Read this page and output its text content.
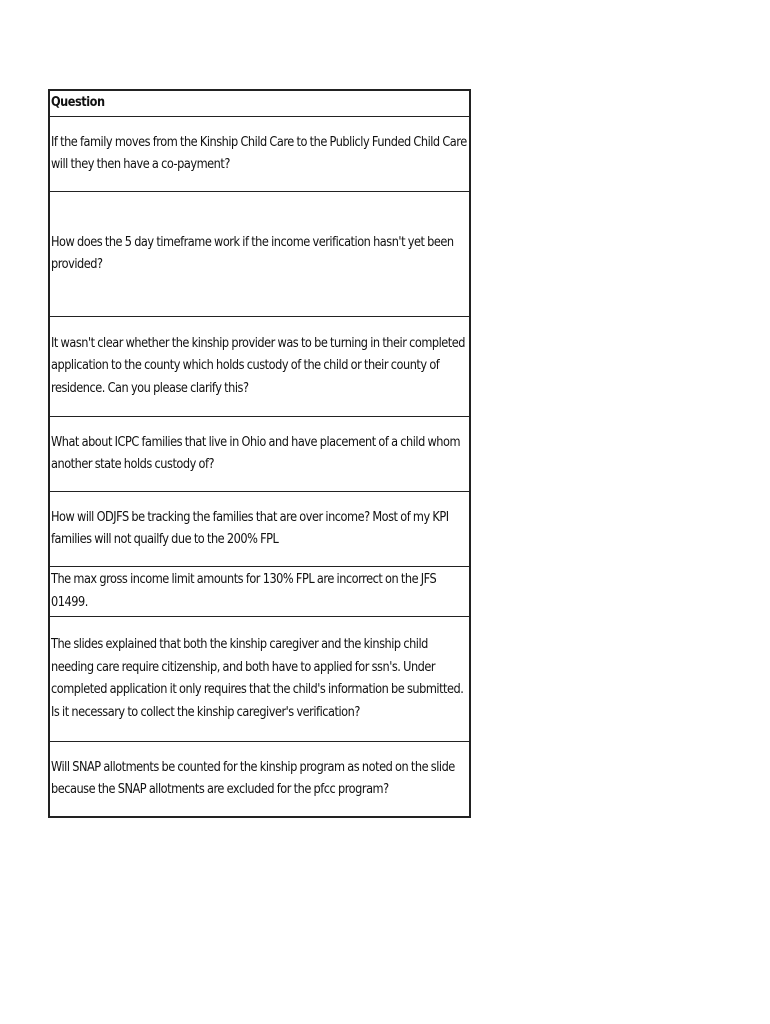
Question

If the family moves from the Kinship Child Care to the Publicly Funded Child Care will they then have a co-payment?

How does the 5 day timeframe work if the income verification hasn't yet been provided?

It wasn't clear whether the kinship provider was to be turning in their completed application to the county which holds custody of the child or their county of residence. Can you please clarify this?

What about ICPC families that live in Ohio and have placement of a child whom another state holds custody of?

How will ODJFS be tracking the families that are over income? Most of my KPI families will not quailfy due to the 200% FPL

The max gross income limit amounts for 130% FPL are incorrect on the JFS 01499.

The slides explained that both the kinship caregiver and the kinship child needing care require citizenship, and both have to applied for ssn's. Under completed application it only requires that the child's information be submitted. Is it necessary to collect the kinship caregiver's verification?

Will SNAP allotments be counted for the kinship program as noted on the slide because the SNAP allotments are excluded for the pfcc program?
